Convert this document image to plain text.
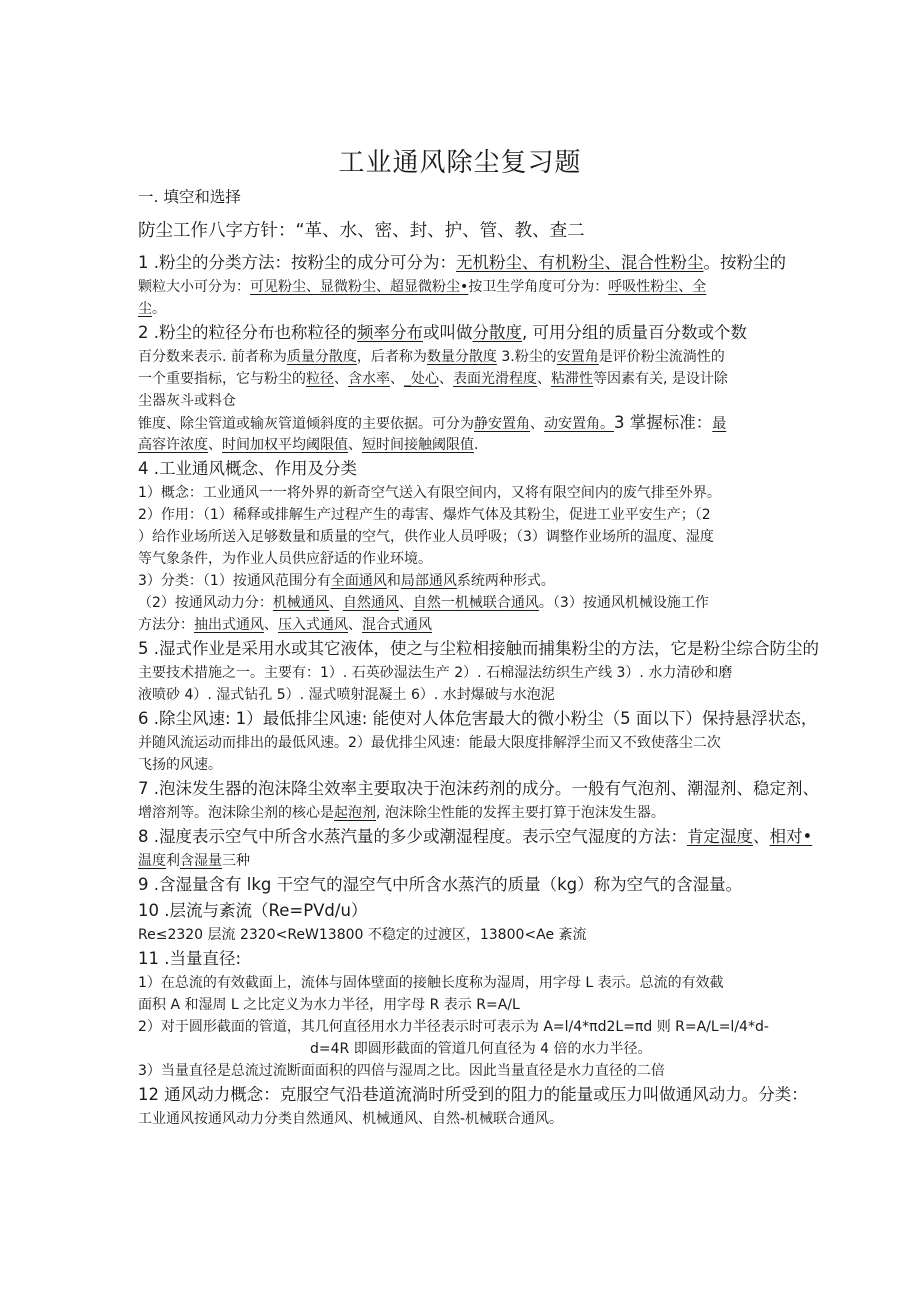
工业通风除尘复习题
一. 填空和选择
防尘工作八字方针：“革、水、密、封、护、管、教、查二
1 .粉尘的分类方法：按粉尘的成分可分为：无机粉尘、有机粉尘、混合性粉尘。按粉尘的
颗粒大小可分为：可见粉尘、显微粉尘、超显微粉尘•按卫生学角度可分为：呼吸性粉尘、全
尘。
2 .粉尘的粒径分布也称粒径的频率分布或叫做分散度, 可用分组的质量百分数或个数
百分数来表示. 前者称为质量分散度，后者称为数量分散度 3.粉尘的安置角是评价粉尘流淌性的
一个重要指标，它与粉尘的粒径、含水率、_处心、表面光滑程度、粘滞性等因素有关, 是设计除
尘器灰斗或料仓
锥度、除尘管道或输灰管道倾斜度的主要依据。可分为静安置角、动安置角。3 掌握标准：最
高容许浓度、时间加权平均阈限值、短时间接触阈限值.
4 .工业通风概念、作用及分类
1）概念：工业通风一一将外界的新奇空气送入有限空间内，又将有限空间内的废气排至外界。
2）作用：（1）稀释或排解生产过程产生的毒害、爆炸气体及其粉尘，促进工业平安生产；（2
）给作业场所送入足够数量和质量的空气，供作业人员呼吸；（3）调整作业场所的温度、湿度
等气象条件，为作业人员供应舒适的作业环境。
3）分类：（1）按通风范围分有全面通风和局部通风系统两种形式。
（2）按通风动力分：机械通风、自然通风、自然一机械联合通风。（3）按通风机械设施工作
方法分：抽出式通风、压入式通风、混合式通风
5 .湿式作业是采用水或其它液体，使之与尘粒相接触而捕集粉尘的方法，它是粉尘综合防尘的
主要技术措施之一。主要有：1）. 石英砂湿法生产 2）. 石棉湿法纺织生产线 3）. 水力清砂和磨
液喷砂 4）. 湿式钻孔 5）. 湿式喷射混凝土 6）. 水封爆破与水泡泥
6 .除尘风速: 1）最低排尘风速: 能使对人体危害最大的微小粉尘（5 面以下）保持悬浮状态，
并随风流运动而排出的最低风速。2）最优排尘风速：能最大限度排解浮尘而又不致使落尘二次
飞扬的风速。
7 .泡沫发生器的泡沫降尘效率主要取决于泡沫药剂的成分。一般有气泡剂、潮湿剂、稳定剂、
增溶剂等。泡沫除尘剂的核心是起泡剂, 泡沫除尘性能的发挥主要打算于泡沫发生器。
8 .湿度表示空气中所含水蒸汽量的多少或潮湿程度。表示空气湿度的方法：肯定湿度、相对•
温度利含湿量三种
9 .含湿量含有 lkg 干空气的湿空气中所含水蒸汽的质量（kg）称为空气的含湿量。
10 .层流与紊流（Re=PVd/u）
Re≤2320 层流 2320<ReW13800 不稳定的过渡区，13800<Ae 紊流
11 .当量直径:
1）在总流的有效截面上，流体与固体壁面的接触长度称为湿周，用字母 L 表示。总流的有效截
面积 A 和湿周 L 之比定义为水力半径，用字母 R 表示 R=A/L
2）对于圆形截面的管道，其几何直径用水力半径表示时可表示为 A=l/4*πd2L=πd 则 R=A/L=l/4*d-
d=4R 即圆形截面的管道几何直径为 4 倍的水力半径。
3）当量直径是总流过流断面面积的四倍与湿周之比。因此当量直径是水力直径的二倍
12 通风动力概念：克服空气沿巷道流淌时所受到的阻力的能量或压力叫做通风动力。分类：
工业通风按通风动力分类自然通风、机械通风、自然-机械联合通风。
